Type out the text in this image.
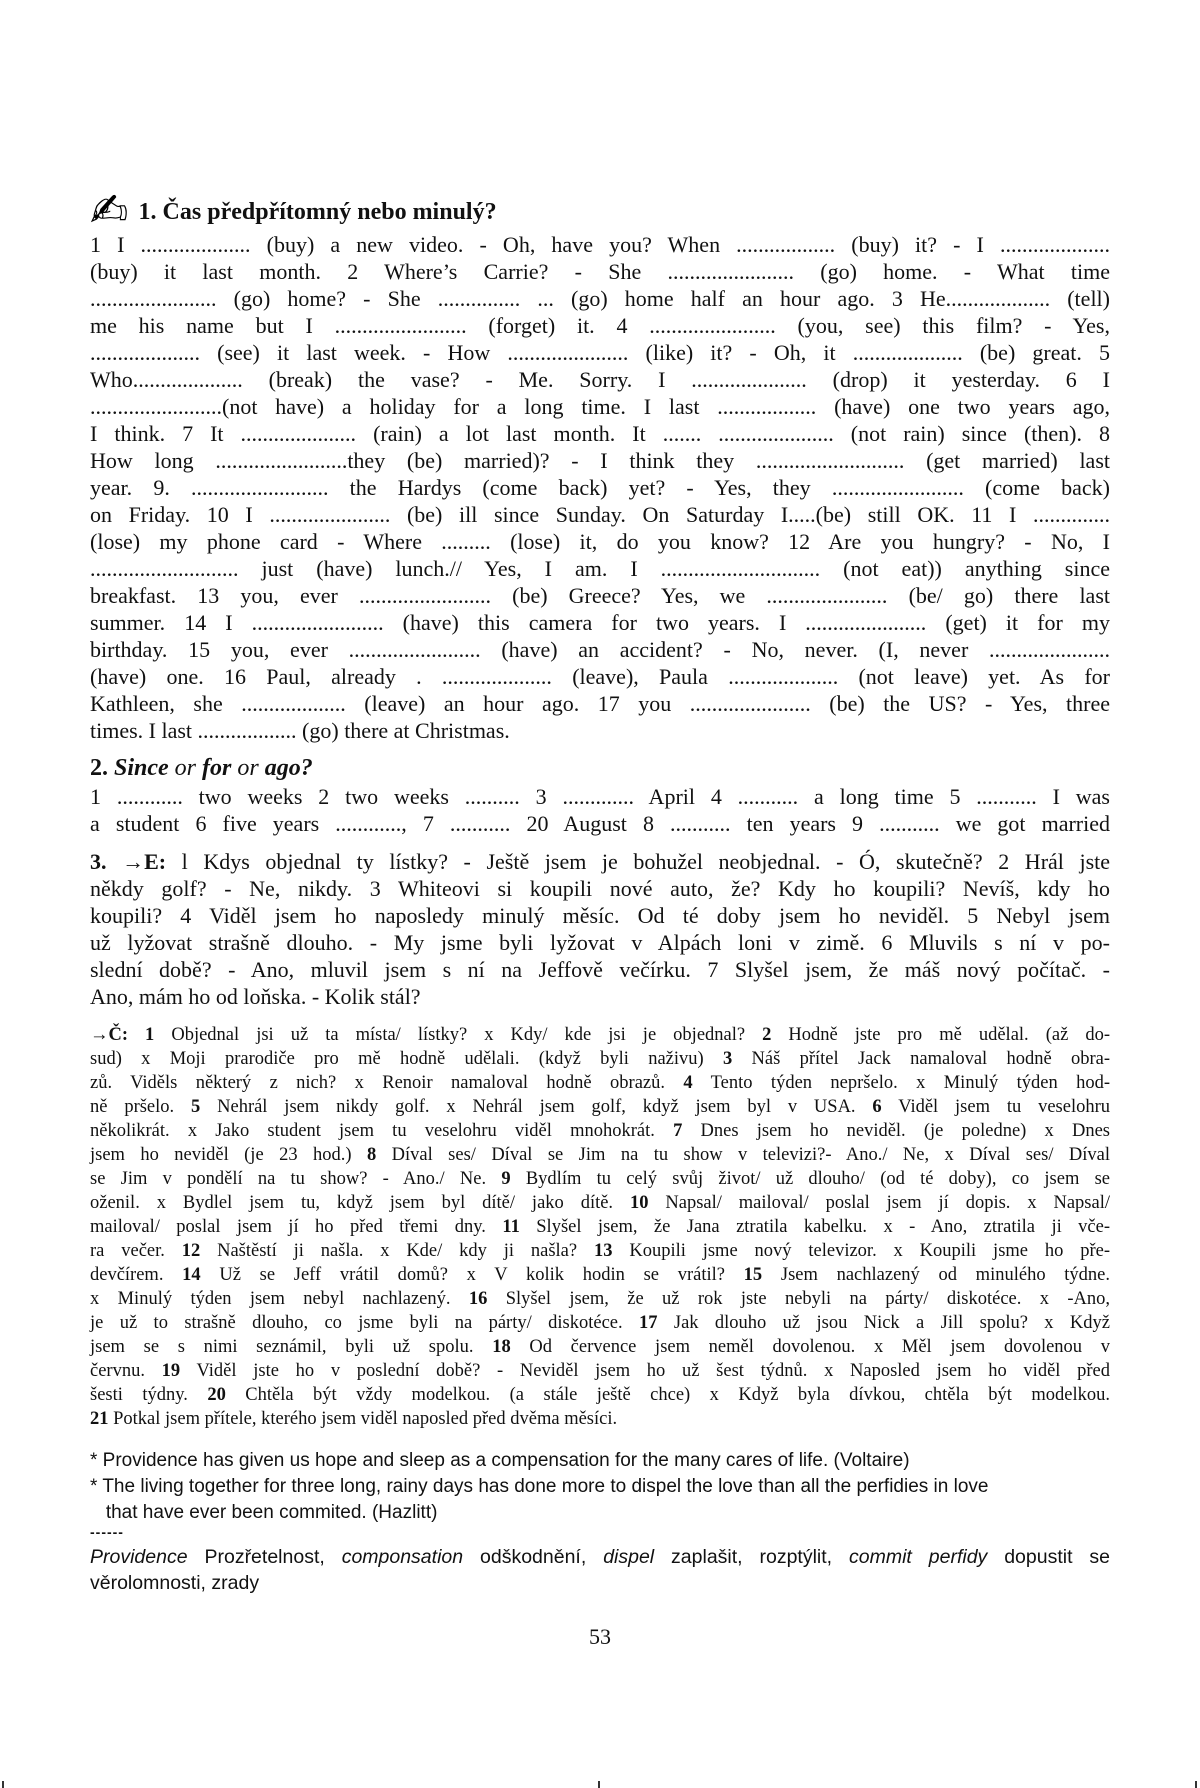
✍ 1. Čas předpřítomný nebo minulý?
1 I .................... (buy) a new video. - Oh, have you? When .................. (buy) it? - I ....................
(buy) it last month. 2 Where’s Carrie? - She ....................... (go) home. - What time
....................... (go) home? - She ............... ... (go) home half an hour ago. 3 He................... (tell)
me his name but I ........................ (forget) it. 4 ....................... (you, see) this film? - Yes,
.................... (see) it last week. - How ...................... (like) it? - Oh, it .................... (be) great. 5
Who.................... (break) the vase? - Me. Sorry. I ..................... (drop) it yesterday. 6 I
........................(not have) a holiday for a long time. I last .................. (have) one two years ago,
I think. 7 It ..................... (rain) a lot last month. It ....... ..................... (not rain) since (then). 8
How long ........................they (be) married)? - I think they ........................... (get married) last
year. 9. ......................... the Hardys (come back) yet? - Yes, they ........................ (come back)
on Friday. 10 I ...................... (be) ill since Sunday. On Saturday I.....(be) still OK. 11 I ..............
(lose) my phone card - Where ......... (lose) it, do you know? 12 Are you hungry? - No, I
........................... just (have) lunch.// Yes, I am. I ............................. (not eat)) anything since
breakfast. 13 you, ever ........................ (be) Greece? Yes, we ...................... (be/ go) there last
summer. 14 I ........................ (have) this camera for two years. I ...................... (get) it for my
birthday. 15 you, ever ........................ (have) an accident? - No, never. (I, never ......................
(have) one. 16 Paul, already . .................... (leave), Paula .................... (not leave) yet. As for
Kathleen, she ................... (leave) an hour ago. 17 you ...................... (be) the US? - Yes, three
times. I last .................. (go) there at Christmas.
2. Since or for or ago?
1 ............ two weeks 2 two weeks .......... 3 ............. April 4 ........... a long time 5 ........... I was
a student 6 five years ............, 7 ........... 20 August 8 ........... ten years 9 ........... we got married
3. →E: l Kdys objednal ty lístky? - Ještě jsem je bohužel neobjednal. - Ó, skutečně? 2 Hrál jste
někdy golf? - Ne, nikdy. 3 Whiteovi si koupili nové auto, že? Kdy ho koupili? Nevíš, kdy ho
koupili? 4 Viděl jsem ho naposledy minulý měsíc. Od té doby jsem ho neviděl. 5 Nebyl jsem
už lyžovat strašně dlouho. - My jsme byli lyžovat v Alpách loni v zimě. 6 Mluvils s ní v po-
slední době? - Ano, mluvil jsem s ní na Jeffově večírku. 7 Slyšel jsem, že máš nový počítač. -
Ano, mám ho od loňska. - Kolik stál?
→Č: 1 Objednal jsi už ta místa/ lístky? x Kdy/ kde jsi je objednal? 2 Hodně jste pro mě udělal. (až do-
sud) x Moji prarodiče pro mě hodně udělali. (když byli naživu) 3 Náš přítel Jack namaloval hodně obra-
zů. Viděls některý z nich? x Renoir namaloval hodně obrazů. 4 Tento týden nepršelo. x Minulý týden hod-
ně pršelo. 5 Nehrál jsem nikdy golf. x Nehrál jsem golf, když jsem byl v USA. 6 Viděl jsem tu veselohru
několikrát. x Jako student jsem tu veselohru viděl mnohokrát. 7 Dnes jsem ho neviděl. (je poledne) x Dnes
jsem ho neviděl (je 23 hod.) 8 Díval ses/ Díval se Jim na tu show v televizi?- Ano./ Ne, x Díval ses/ Díval
se Jim v pondělí na tu show? - Ano./ Ne. 9 Bydlím tu celý svůj život/ už dlouho/ (od té doby), co jsem se
oženil. x Bydlel jsem tu, když jsem byl dítě/ jako dítě. 10 Napsal/ mailoval/ poslal jsem jí dopis. x Napsal/
mailoval/ poslal jsem jí ho před třemi dny. 11 Slyšel jsem, že Jana ztratila kabelku. x - Ano, ztratila ji vče-
ra večer. 12 Naštěstí ji našla. x Kde/ kdy ji našla? 13 Koupili jsme nový televizor. x Koupili jsme ho pře-
devčírem. 14 Už se Jeff vrátil domů? x V kolik hodin se vrátil? 15 Jsem nachlazený od minulého týdne.
x Minulý týden jsem nebyl nachlazený. 16 Slyšel jsem, že už rok jste nebyli na párty/ diskotéce. x -Ano,
je už to strašně dlouho, co jsme byli na párty/ diskotéce. 17 Jak dlouho už jsou Nick a Jill spolu? x Když
jsem se s nimi seznámil, byli už spolu. 18 Od července jsem neměl dovolenou. x Měl jsem dovolenou v
červnu. 19 Viděl jste ho v poslední době? - Neviděl jsem ho už šest týdnů. x Naposled jsem ho viděl před
šesti týdny. 20 Chtěla být vždy modelkou. (a stále ještě chce) x Když byla dívkou, chtěla být modelkou.
21 Potkal jsem přítele, kterého jsem viděl naposled před dvěma měsíci.
* Providence has given us hope and sleep as a compensation for the many cares of life. (Voltaire)
* The living together for three long, rainy days has done more to dispel the love than all the perfidies in love
that have ever been commited. (Hazlitt)
------
Providence Prozřetelnost, componsation odškodnění, dispel zaplašit, rozptýlit, commit perfidy dopustit se
věrolomnosti, zrady
53
